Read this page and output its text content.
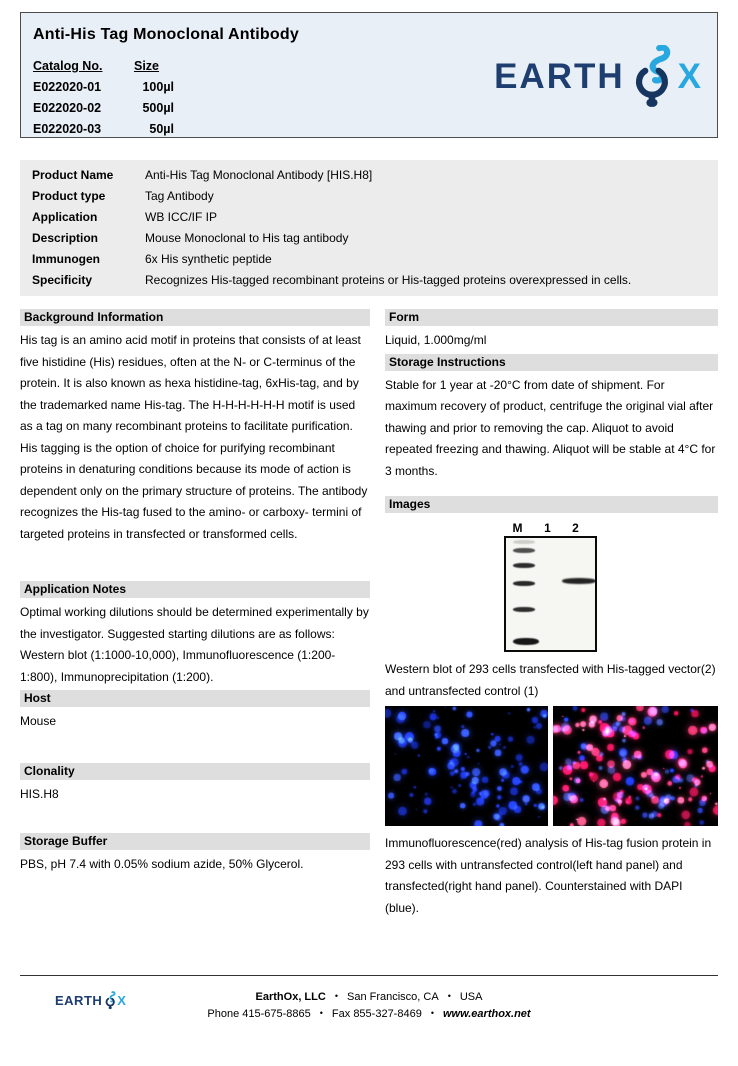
Anti-His Tag Monoclonal Antibody
Catalog No.	Size
E022020-01	100µl
E022020-02	500µl
E022020-03	50µl
EARTH X
Product Name	Anti-His Tag Monoclonal Antibody [HIS.H8]
Product type	Tag Antibody
Application	WB ICC/IF IP
Description	Mouse Monoclonal to His tag antibody
Immunogen	6x His synthetic peptide
Specificity	Recognizes His-tagged recombinant proteins or His-tagged proteins overexpressed in cells.
Background Information
His tag is an amino acid motif in proteins that consists of at least five histidine (His) residues, often at the N- or C-terminus of the protein. It is also known as hexa histidine-tag, 6xHis-tag, and by the trademarked name His-tag. The H-H-H-H-H-H motif is used as a tag on many recombinant proteins to facilitate purification. His tagging is the option of choice for purifying recombinant proteins in denaturing conditions because its mode of action is dependent only on the primary structure of proteins. The antibody recognizes the His-tag fused to the amino- or carboxy- termini of targeted proteins in transfected or transformed cells.
Application Notes
Optimal working dilutions should be determined experimentally by the investigator. Suggested starting dilutions are as follows: Western blot (1:1000-10,000), Immunofluorescence (1:200-1:800), Immunoprecipitation (1:200).
Host
Mouse
Clonality
HIS.H8
Storage Buffer
PBS, pH 7.4 with 0.05% sodium azide, 50% Glycerol.
Form
Liquid, 1.000mg/ml
Storage Instructions
Stable for 1 year at -20°C from date of shipment. For maximum recovery of product, centrifuge the original vial after thawing and prior to removing the cap. Aliquot to avoid repeated freezing and thawing. Aliquot will be stable at 4°C for 3 months.
Images
M	1	2
Western blot of 293 cells transfected with His-tagged vector(2) and untransfected control (1)
Immunofluorescence(red) analysis of His-tag fusion protein in 293 cells with untransfected control(left hand panel) and transfected(right hand panel). Counterstained with DAPI (blue).
EARTH X	EarthOx, LLC • San Francisco, CA • USA
Phone 415-675-8865 • Fax 855-327-8469 • www.earthox.net
